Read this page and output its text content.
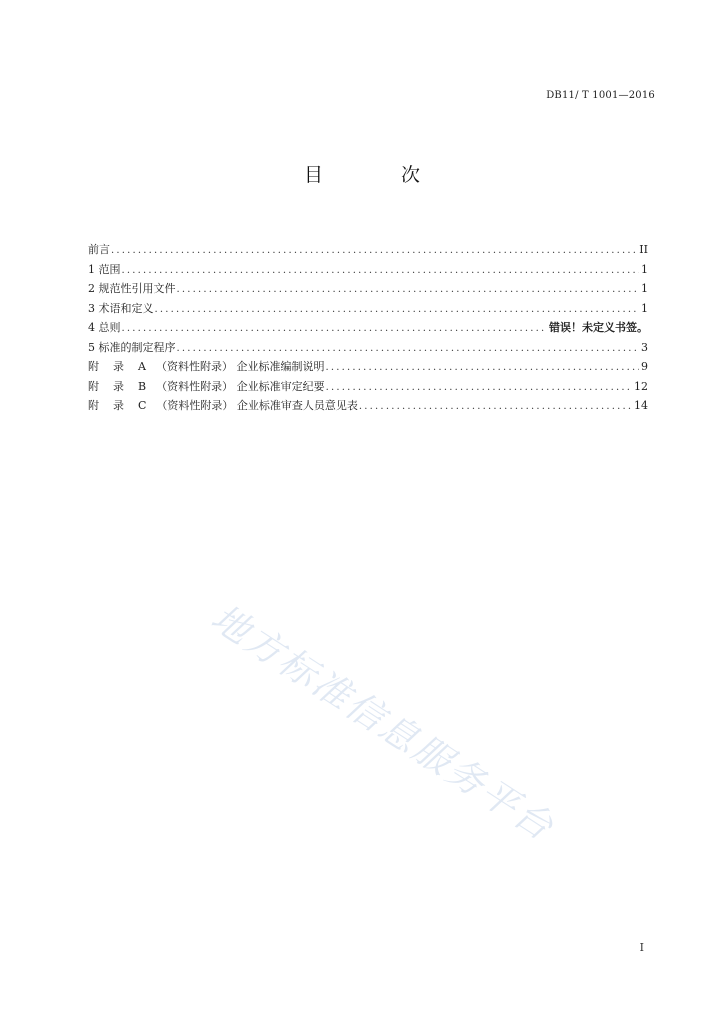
DB11/ T 1001—2016
目 次
前言 .....	II
1 范围 .....	1
2 规范性引用文件 .....	1
3 术语和定义 .....	1
4 总则 .....	错误！未定义书签。
5 标准的制定程序 .....	3
附 录 A （资料性附录） 企业标准编制说明 .....	9
附 录 B （资料性附录） 企业标准审定纪要 .....	12
附 录 C （资料性附录） 企业标准审查人员意见表 .....	14
地方标准信息服务平台
I
